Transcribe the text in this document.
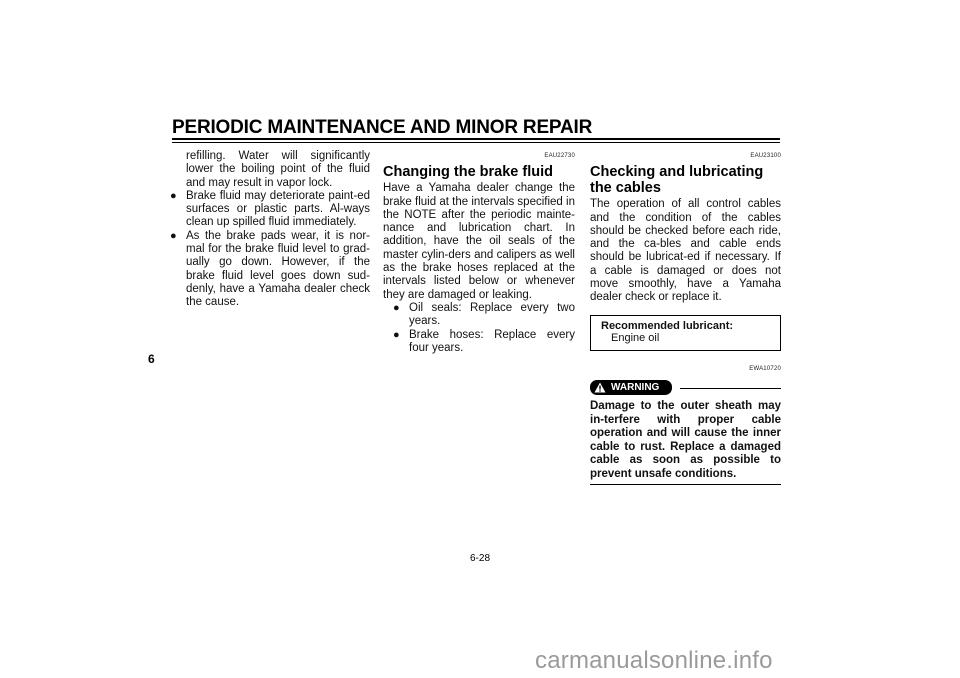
PERIODIC MAINTENANCE AND MINOR REPAIR
6

refilling. Water will significantly lower the boiling point of the fluid and may result in vapor lock.

● Brake fluid may deteriorate paint-ed surfaces or plastic parts. Al-ways clean up spilled fluid immediately.

● As the brake pads wear, it is nor-mal for the brake fluid level to grad-ually go down. However, if the brake fluid level goes down sud-denly, have a Yamaha dealer check the cause.

EAU22730
Changing the brake fluid

Have a Yamaha dealer change the brake fluid at the intervals specified in the NOTE after the periodic mainte-nance and lubrication chart. In addition, have the oil seals of the master cylin-ders and calipers as well as the brake hoses replaced at the intervals listed below or whenever they are damaged or leaking.

● Oil seals: Replace every two years.

● Brake hoses: Replace every four years.

EAU23100
Checking and lubricating the cables

The operation of all control cables and the condition of the cables should be checked before each ride, and the ca-bles and cable ends should be lubricat-ed if necessary. If a cable is damaged or does not move smoothly, have a Yamaha dealer check or replace it.

Recommended lubricant:
Engine oil
EWA10720
WARNING

Damage to the outer sheath may in-terfere with proper cable operation and will cause the inner cable to rust. Replace a damaged cable as soon as possible to prevent unsafe conditions.

6-28
carmanualsonline.info
